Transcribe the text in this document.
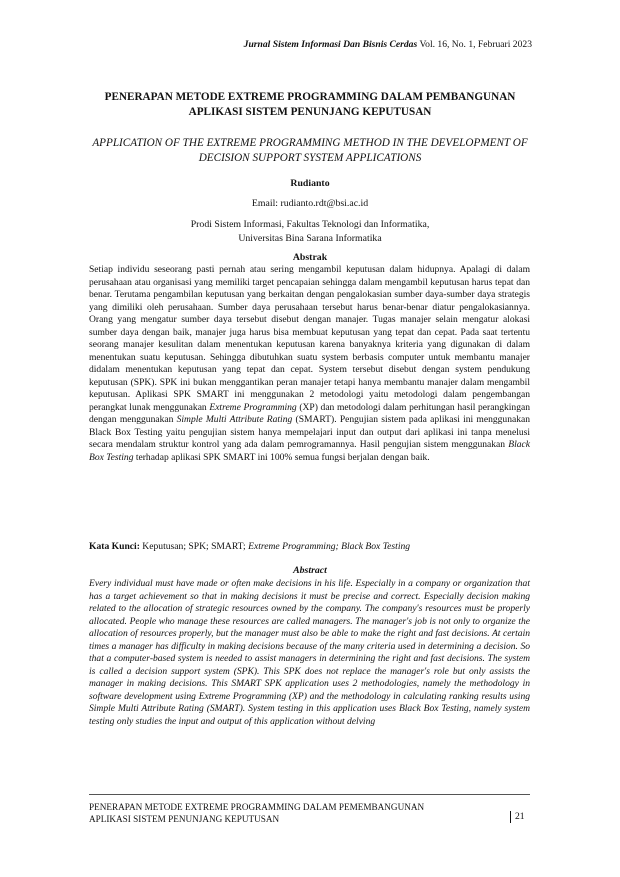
Jurnal Sistem Informasi Dan Bisnis Cerdas Vol. 16, No. 1, Februari 2023

PENERAPAN METODE EXTREME PROGRAMMING DALAM PEMBANGUNAN APLIKASI SISTEM PENUNJANG KEPUTUSAN

APPLICATION OF THE EXTREME PROGRAMMING METHOD IN THE DEVELOPMENT OF DECISION SUPPORT SYSTEM APPLICATIONS

Rudianto
Email: rudianto.rdt@bsi.ac.id
Prodi Sistem Informasi, Fakultas Teknologi dan Informatika,
Universitas Bina Sarana Informatika
Abstrak

Setiap individu seseorang pasti pernah atau sering mengambil keputusan dalam hidupnya. Apalagi di dalam perusahaan atau organisasi yang memiliki target pencapaian sehingga dalam mengambil keputusan harus tepat dan benar. Terutama pengambilan keputusan yang berkaitan dengan pengalokasian sumber daya-sumber daya strategis yang dimiliki oleh perusahaan. Sumber daya perusahaan tersebut harus benar-benar diatur pengalokasiannya. Orang yang mengatur sumber daya tersebut disebut dengan manajer. Tugas manajer selain mengatur alokasi sumber daya dengan baik, manajer juga harus bisa membuat keputusan yang tepat dan cepat. Pada saat tertentu seorang manajer kesulitan dalam menentukan keputusan karena banyaknya kriteria yang digunakan di dalam menentukan suatu keputusan. Sehingga dibutuhkan suatu system berbasis computer untuk membantu manajer didalam menentukan keputusan yang tepat dan cepat. System tersebut disebut dengan system pendukung keputusan (SPK). SPK ini bukan menggantikan peran manajer tetapi hanya membantu manajer dalam mengambil keputusan. Aplikasi SPK SMART ini menggunakan 2 metodologi yaitu metodologi dalam pengembangan perangkat lunak menggunakan Extreme Programming (XP) dan metodologi dalam perhitungan hasil perangkingan dengan menggunakan Simple Multi Attribute Rating (SMART). Pengujian sistem pada aplikasi ini menggunakan Black Box Testing yaitu pengujian sistem hanya mempelajari input dan output dari aplikasi ini tanpa menelusi secara mendalam struktur kontrol yang ada dalam pemrogramannya. Hasil pengujian sistem menggunakan Black Box Testing terhadap aplikasi SPK SMART ini 100% semua fungsi berjalan dengan baik.

Kata Kunci: Keputusan; SPK; SMART; Extreme Programming; Black Box Testing
Abstract

Every individual must have made or often make decisions in his life. Especially in a company or organization that has a target achievement so that in making decisions it must be precise and correct. Especially decision making related to the allocation of strategic resources owned by the company. The company's resources must be properly allocated. People who manage these resources are called managers. The manager's job is not only to organize the allocation of resources properly, but the manager must also be able to make the right and fast decisions. At certain times a manager has difficulty in making decisions because of the many criteria used in determining a decision. So that a computer-based system is needed to assist managers in determining the right and fast decisions. The system is called a decision support system (SPK). This SPK does not replace the manager's role but only assists the manager in making decisions. This SMART SPK application uses 2 methodologies, namely the methodology in software development using Extreme Programming (XP) and the methodology in calculating ranking results using Simple Multi Attribute Rating (SMART). System testing in this application uses Black Box Testing, namely system testing only studies the input and output of this application without delving

PENERAPAN METODE EXTREME PROGRAMMING DALAM PEMEMBANGUNAN
APLIKASI SISTEM PENUNJANG KEPUTUSAN	21
